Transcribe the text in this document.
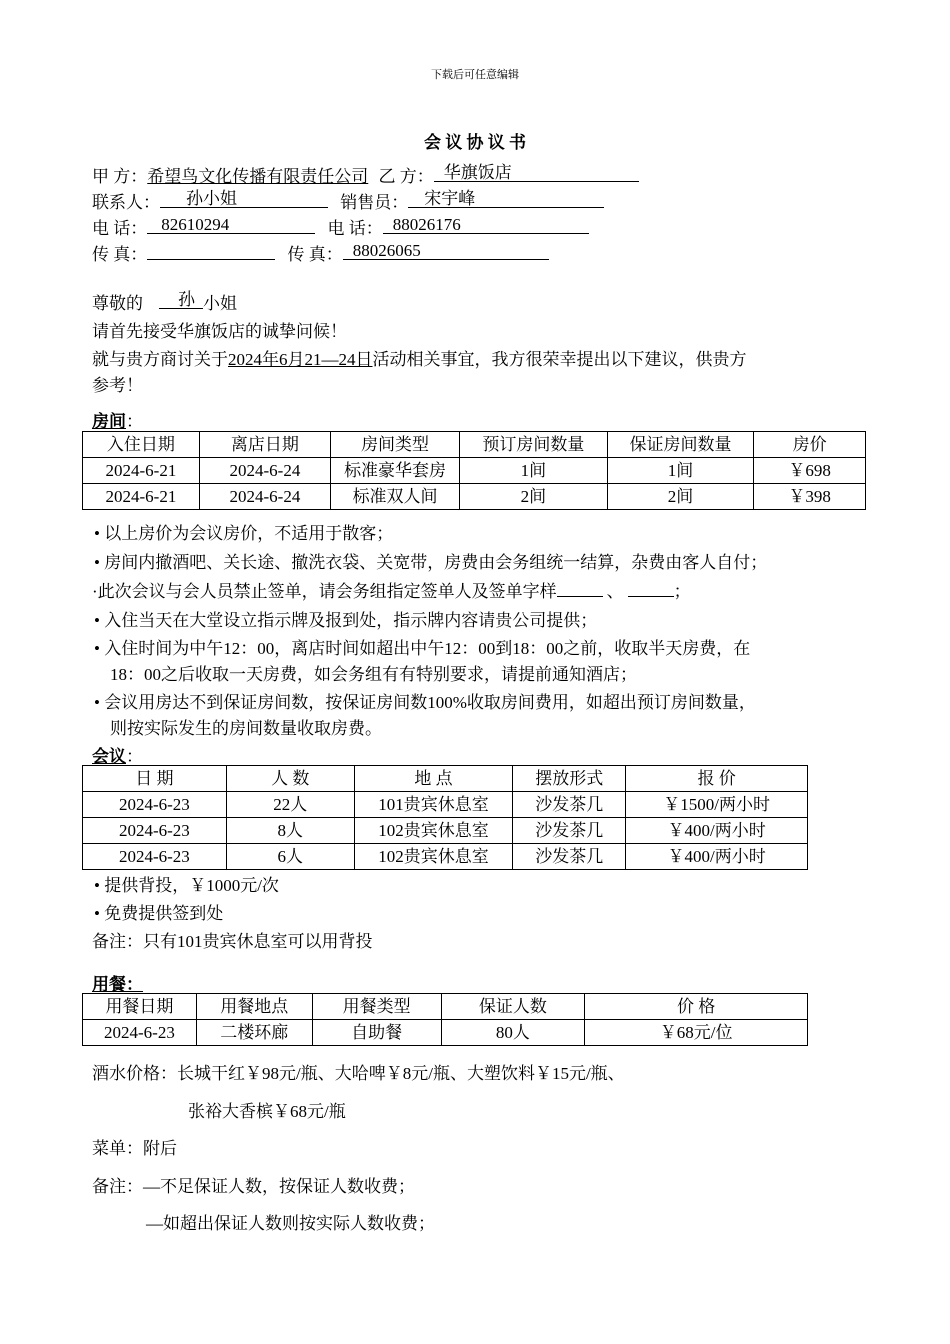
下载后可任意编辑
会 议 协 议 书
甲 方：希望鸟文化传播有限责任公司 乙 方： 华旗饭店
联系人： 孙小姐	销售员： 宋宇峰
电 话： 82610294	电 话： 88026176
传 真：	传 真： 88026065
尊敬的 孙 小姐
请首先接受华旗饭店的诚挚问候！
就与贵方商讨关于2024年6月21—24日活动相关事宜，我方很荣幸提出以下建议，供贵方
参考！
房间：
入住日期	离店日期	房间类型	预订房间数量	保证房间数量	房价
2024-6-21	2024-6-24	标准豪华套房	1间	1间	￥698
2024-6-21	2024-6-24	标准双人间	2间	2间	￥398
• 以上房价为会议房价，不适用于散客；
• 房间内撤酒吧、关长途、撤洗衣袋、关宽带，房费由会务组统一结算，杂费由客人自付；
·此次会议与会人员禁止签单，请会务组指定签单人及签单字样	、	；
• 入住当天在大堂设立指示牌及报到处，指示牌内容请贵公司提供；
• 入住时间为中午12：00，离店时间如超出中午12：00到18：00之前，收取半天房费，在
18：00之后收取一天房费，如会务组有有特别要求，请提前通知酒店；
• 会议用房达不到保证房间数，按保证房间数100%收取房间费用，如超出预订房间数量，
则按实际发生的房间数量收取房费。
会议：
日 期	人 数	地 点	摆放形式	报 价
2024-6-23	22人	101贵宾休息室	沙发茶几	￥1500/两小时
2024-6-23	8人	102贵宾休息室	沙发茶几	￥400/两小时
2024-6-23	6人	102贵宾休息室	沙发茶几	￥400/两小时
• 提供背投，￥1000元/次
• 免费提供签到处
备注：只有101贵宾休息室可以用背投
用餐：
用餐日期	用餐地点	用餐类型	保证人数	价 格
2024-6-23	二楼环廊	自助餐	80人	￥68元/位
酒水价格：长城干红￥98元/瓶、大哈啤￥8元/瓶、大塑饮料￥15元/瓶、
张裕大香槟￥68元/瓶
菜单：附后
备注：—不足保证人数，按保证人数收费；
—如超出保证人数则按实际人数收费；
